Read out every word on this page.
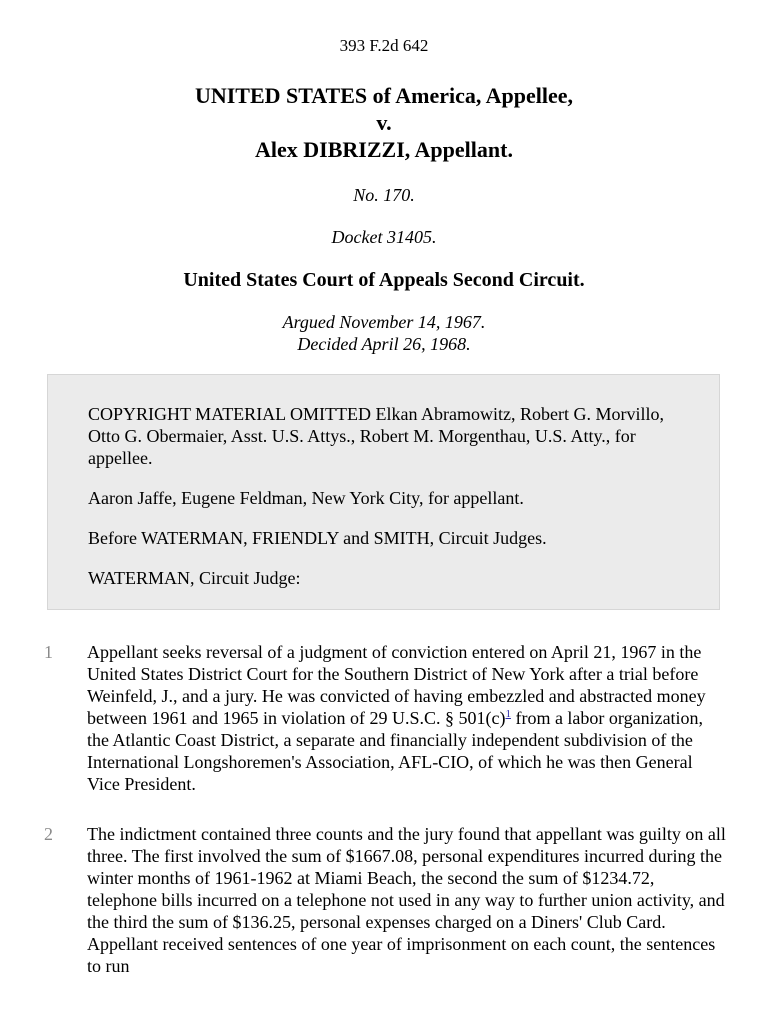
393 F.2d 642
UNITED STATES of America, Appellee,
v.
Alex DIBRIZZI, Appellant.
No. 170.
Docket 31405.
United States Court of Appeals Second Circuit.
Argued November 14, 1967.
Decided April 26, 1968.

COPYRIGHT MATERIAL OMITTED Elkan Abramowitz, Robert G. Morvillo, Otto G. Obermaier, Asst. U.S. Attys., Robert M. Morgenthau, U.S. Atty., for appellee.

Aaron Jaffe, Eugene Feldman, New York City, for appellant.

Before WATERMAN, FRIENDLY and SMITH, Circuit Judges.

WATERMAN, Circuit Judge:

1 Appellant seeks reversal of a judgment of conviction entered on April 21, 1967 in the United States District Court for the Southern District of New York after a trial before Weinfeld, J., and a jury. He was convicted of having embezzled and abstracted money between 1961 and 1965 in violation of 29 U.S.C. § 501(c)$^1$ from a labor organization, the Atlantic Coast District, a separate and financially independent subdivision of the International Longshoremen's Association, AFL-CIO, of which he was then General Vice President.
2 The indictment contained three counts and the jury found that appellant was guilty on all three. The first involved the sum of $1667.08, personal expenditures incurred during the winter months of 1961-1962 at Miami Beach, the second the sum of $1234.72, telephone bills incurred on a telephone not used in any way to further union activity, and the third the sum of $136.25, personal expenses charged on a Diners' Club Card. Appellant received sentences of one year of imprisonment on each count, the sentences to run
